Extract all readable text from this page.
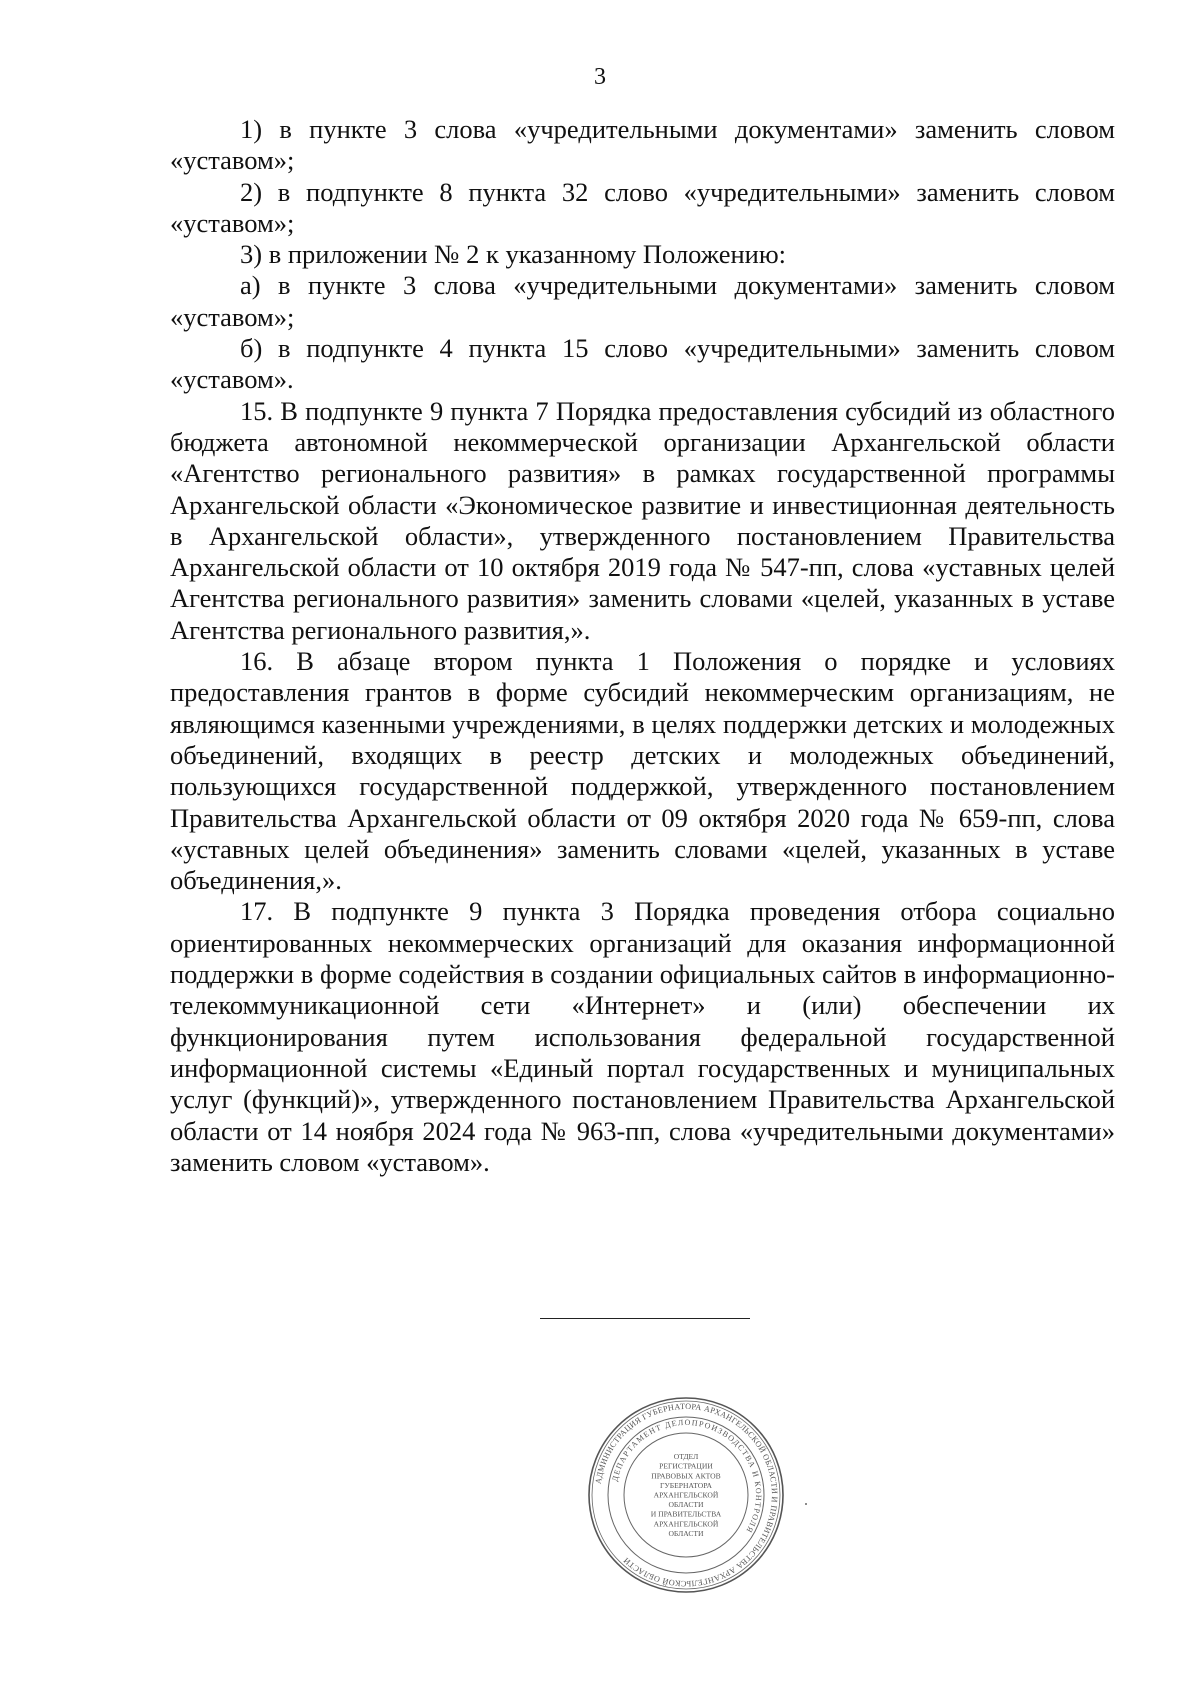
3

1) в пункте 3 слова «учредительными документами» заменить словом «уставом»;

2) в подпункте 8 пункта 32 слово «учредительными» заменить словом «уставом»;

3) в приложении № 2 к указанному Положению:

а) в пункте 3 слова «учредительными документами» заменить словом «уставом»;

б) в подпункте 4 пункта 15 слово «учредительными» заменить словом «уставом».

15. В подпункте 9 пункта 7 Порядка предоставления субсидий из областного бюджета автономной некоммерческой организации Архангельской области «Агентство регионального развития» в рамках государственной программы Архангельской области «Экономическое развитие и инвестиционная деятельность в Архангельской области», утвержденного постановлением Правительства Архангельской области от 10 октября 2019 года № 547-пп, слова «уставных целей Агентства регионального развития» заменить словами «целей, указанных в уставе Агентства регионального развития,».

16. В абзаце втором пункта 1 Положения о порядке и условиях предоставления грантов в форме субсидий некоммерческим организациям, не являющимся казенными учреждениями, в целях поддержки детских и молодежных объединений, входящих в реестр детских и молодежных объединений, пользующихся государственной поддержкой, утвержденного постановлением Правительства Архангельской области от 09 октября 2020 года № 659-пп, слова «уставных целей объединения» заменить словами «целей, указанных в уставе объединения,».

17. В подпункте 9 пункта 3 Порядка проведения отбора социально ориентированных некоммерческих организаций для оказания информационной поддержки в форме содействия в создании официальных сайтов в информационно-телекоммуникационной сети «Интернет» и (или) обеспечении их функционирования путем использования федеральной государственной информационной системы «Единый портал государственных и муниципальных услуг (функций)», утвержденного постановлением Правительства Архангельской области от 14 ноября 2024 года № 963-пп, слова «учредительными документами» заменить словом «уставом».

АДМИНИСТРАЦИЯ ГУБЕРНАТОРА АРХАНГЕЛЬСКОЙ ОБЛАСТИ И ПРАВИТЕЛЬСТВА АРХАНГЕЛЬСКОЙ ОБЛАСТИ
ДЕПАРТАМЕНТ ДЕЛОПРОИЗВОДСТВА И КОНТРОЛЯ
ОТДЕЛ
РЕГИСТРАЦИИ
ПРАВОВЫХ АКТОВ
ГУБЕРНАТОРА
АРХАНГЕЛЬСКОЙ
ОБЛАСТИ
И ПРАВИТЕЛЬСТВА
АРХАНГЕЛЬСКОЙ
ОБЛАСТИ
